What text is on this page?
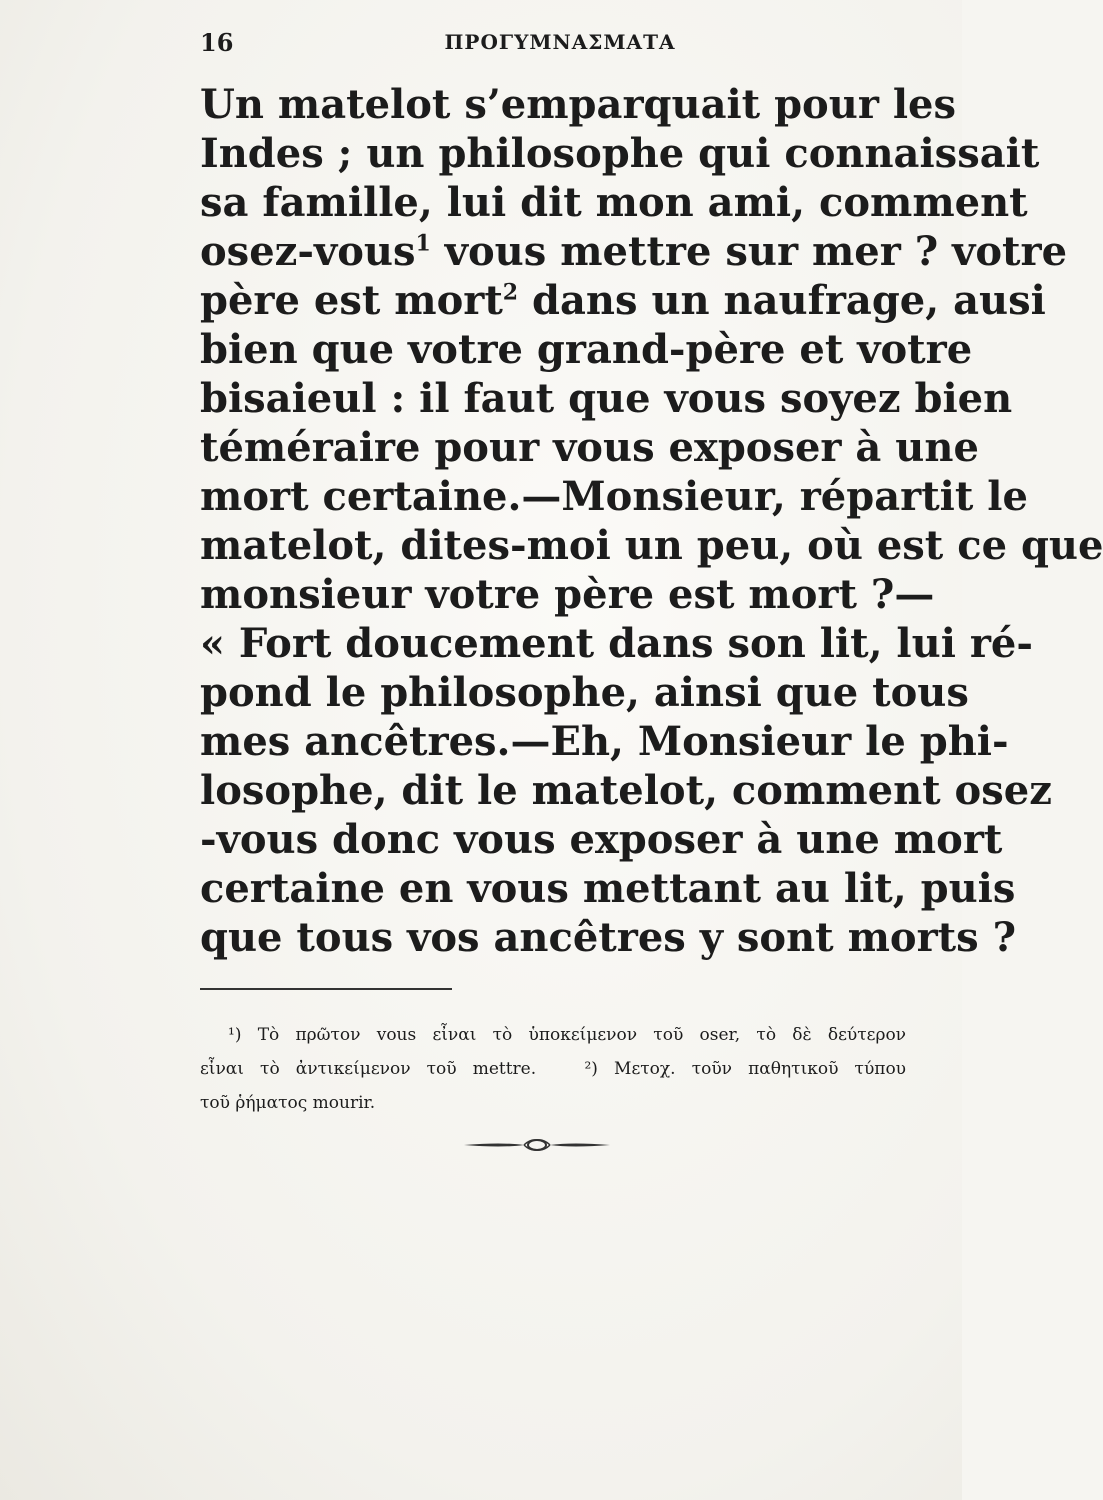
16	ΠΡΟΓΥΜΝΑΣΜΑΤΑ
Un matelot s’emparquait pour les
Indes ; un philosophe qui connaissait
sa famille, lui dit mon ami, comment
osez-vous$^1$ vous mettre sur mer ? votre
père est mort$^2$ dans un naufrage, ausi
bien que votre grand-père et votre
bisaieul : il faut que vous soyez bien
téméraire pour vous exposer à une
mort certaine.—Monsieur, répartit le
matelot, dites-moi un peu, où est ce que
monsieur votre père est mort ?—
« Fort doucement dans son lit, lui ré-
pond le philosophe, ainsi que tous
mes ancêtres.—Eh, Monsieur le phi-
losophe, dit le matelot, comment osez
-vous donc vous exposer à une mort
certaine en vous mettant au lit, puis
que tous vos ancêtres y sont morts ?
¹) Τὸ πρῶτον vous εἶναι τὸ ὑποκείμενον τοῦ oser, τὸ δὲ δεύτερον
εἶναι τὸ ἀντικείμενον τοῦ mettre.	²) Μετοχ. τοῦν παθητικοῦ τύπου
τοῦ ῥήματος mourir.
